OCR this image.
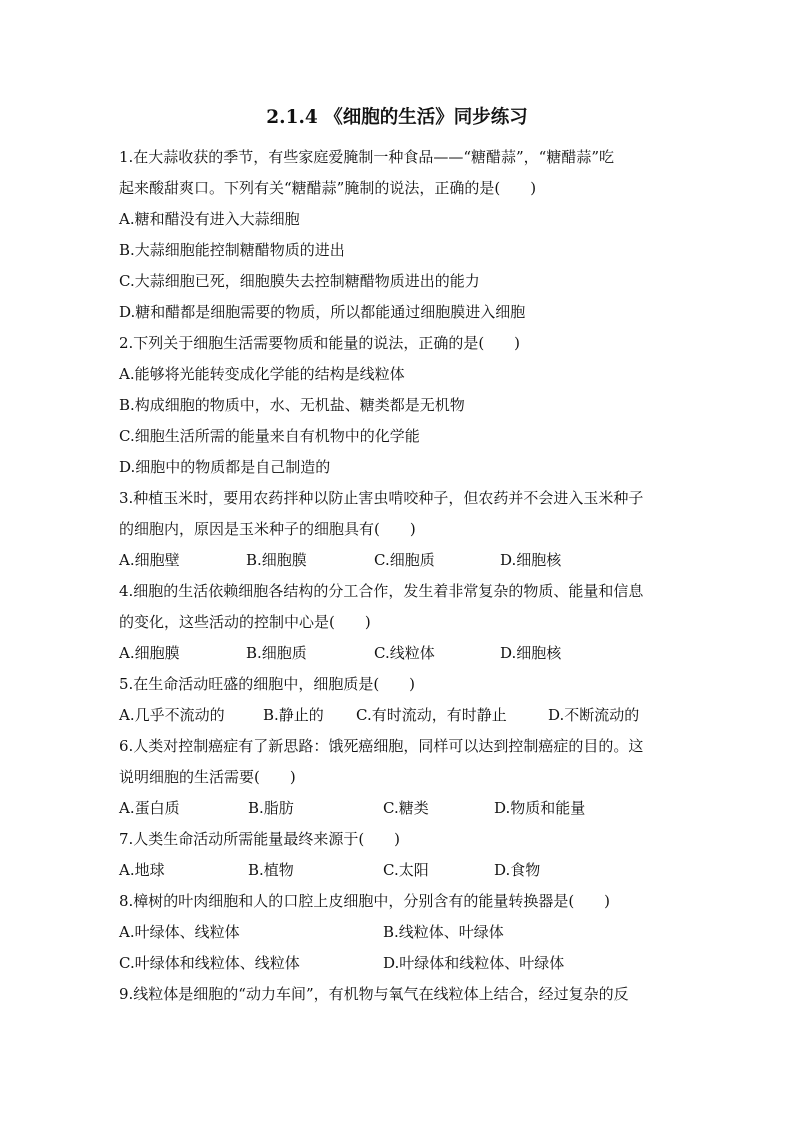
2.1.4 《细胞的生活》同步练习
1.在大蒜收获的季节，有些家庭爱腌制一种食品——“糖醋蒜”，“糖醋蒜”吃
起来酸甜爽口。下列有关“糖醋蒜”腌制的说法，正确的是(　　)
A.糖和醋没有进入大蒜细胞
B.大蒜细胞能控制糖醋物质的进出
C.大蒜细胞已死，细胞膜失去控制糖醋物质进出的能力
D.糖和醋都是细胞需要的物质，所以都能通过细胞膜进入细胞
2.下列关于细胞生活需要物质和能量的说法，正确的是(　　)
A.能够将光能转变成化学能的结构是线粒体
B.构成细胞的物质中，水、无机盐、糖类都是无机物
C.细胞生活所需的能量来自有机物中的化学能
D.细胞中的物质都是自己制造的
3.种植玉米时，要用农药拌种以防止害虫啃咬种子，但农药并不会进入玉米种子
的细胞内，原因是玉米种子的细胞具有(　　)
A.细胞壁	B.细胞膜	C.细胞质	D.细胞核
4.细胞的生活依赖细胞各结构的分工合作，发生着非常复杂的物质、能量和信息
的变化，这些活动的控制中心是(　　)
A.细胞膜	B.细胞质	C.线粒体	D.细胞核
5.在生命活动旺盛的细胞中，细胞质是(　　)
A.几乎不流动的	B.静止的	C.有时流动，有时静止	D.不断流动的
6.人类对控制癌症有了新思路：饿死癌细胞，同样可以达到控制癌症的目的。这
说明细胞的生活需要(　　)
A.蛋白质	B.脂肪	C.糖类	D.物质和能量
7.人类生命活动所需能量最终来源于(　　)
A.地球	B.植物	C.太阳	D.食物
8.樟树的叶肉细胞和人的口腔上皮细胞中，分别含有的能量转换器是(　　)
A.叶绿体、线粒体	B.线粒体、叶绿体
C.叶绿体和线粒体、线粒体	D.叶绿体和线粒体、叶绿体
9.线粒体是细胞的“动力车间”，有机物与氧气在线粒体上结合，经过复杂的反
